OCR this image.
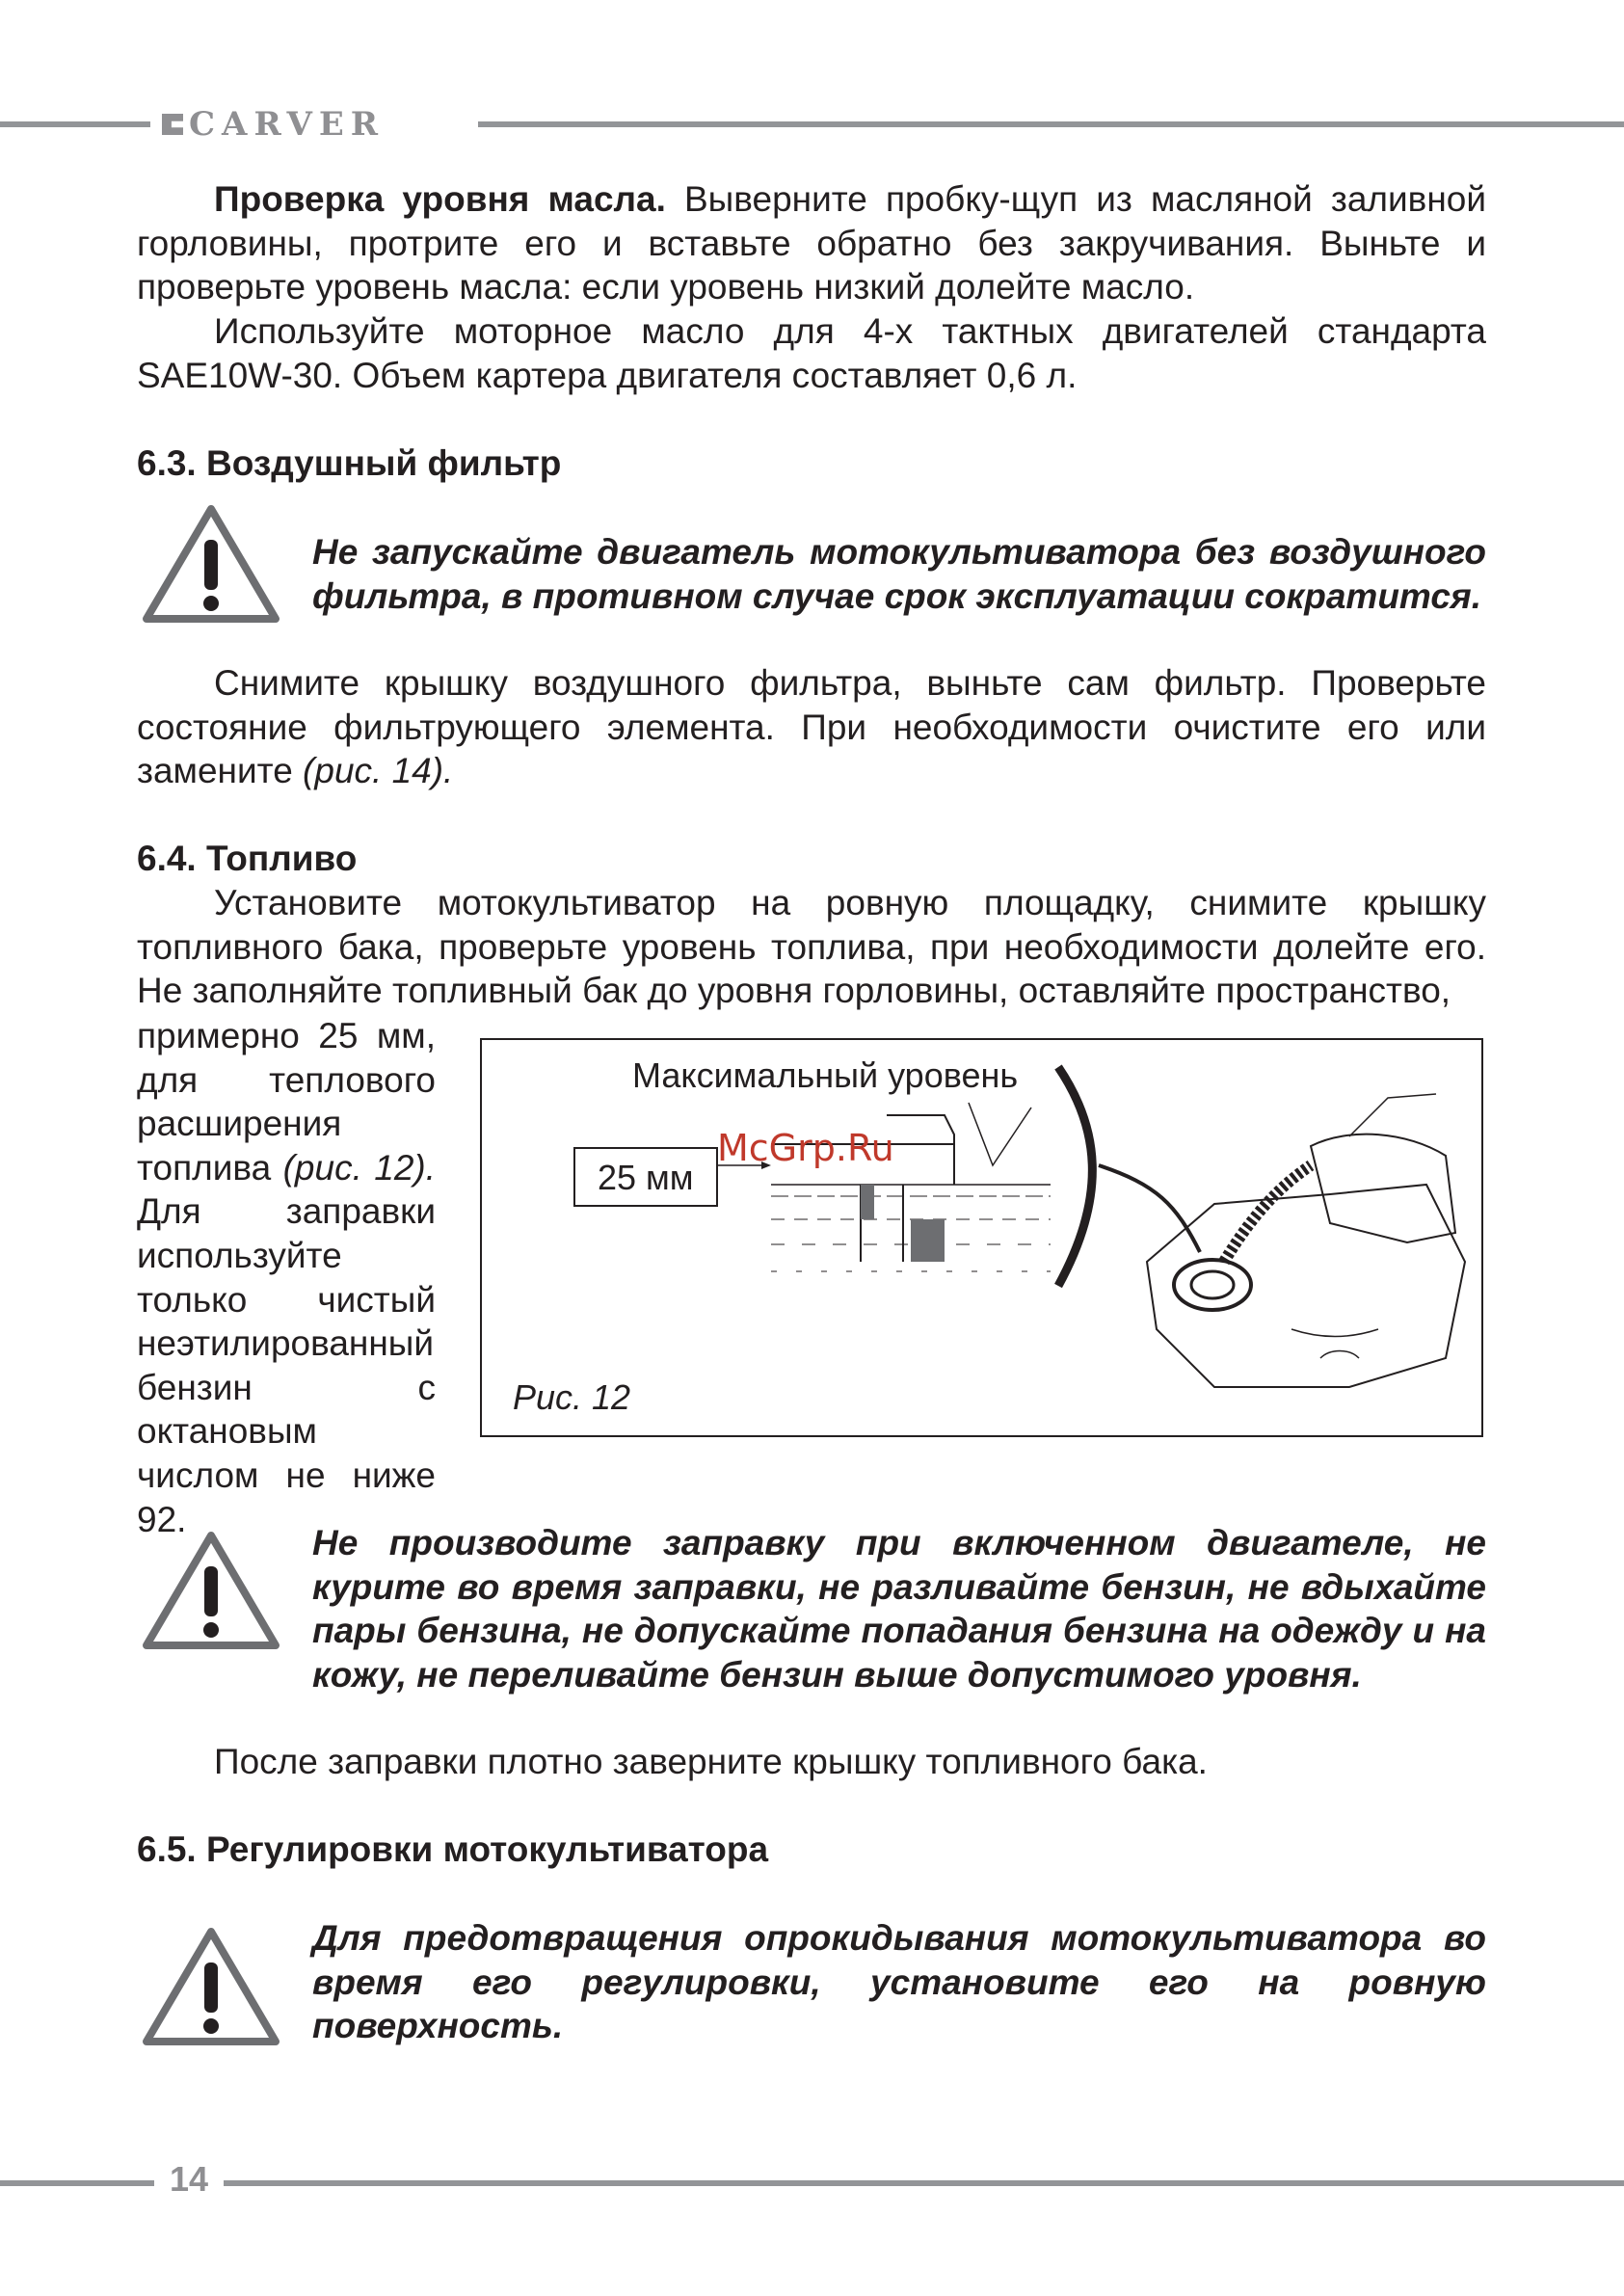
CARVER

Проверка уровня масла. Выверните пробку-щуп из масляной заливной горловины, протрите его и вставьте обратно без закручивания. Выньте и проверьте уровень масла: если уровень низкий долейте масло.

Используйте моторное масло для 4-х тактных двигателей стандарта SAE10W-30. Объем картера двигателя составляет 0,6 л.

6.3. Воздушный фильтр

Не запускайте двигатель мотокультиватора без воздушного фильтра, в противном случае срок эксплуатации сократится.

Снимите крышку воздушного фильтра, выньте сам фильтр. Проверьте состояние фильтрующего элемента. При необходимости очистите его или замените (рис. 14).

6.4. Топливо

Установите мотокультиватор на ровную площадку, снимите крышку топливного бака, проверьте уровень топлива, при необходимости долейте его. Не заполняйте топливный бак до уровня горловины, оставляйте пространство,

примерно 25 мм, для теплового расширения топлива (рис. 12). Для заправки используйте только чистый неэтилированный бензин с октановым числом не ниже 92.

Максимальный уровень
25 мм
McGrp.Ru
Рис. 12

Не производите заправку при включенном двигателе, не курите во время заправки, не разливайте бензин, не вдыхайте пары бензина, не допускайте попадания бензина на одежду и на кожу, не переливайте бензин выше допустимого уровня.

После заправки плотно заверните крышку топливного бака.

6.5. Регулировки мотокультиватора

Для предотвращения опрокидывания мотокультиватора во время его регулировки, установите его на ровную поверхность.

14
